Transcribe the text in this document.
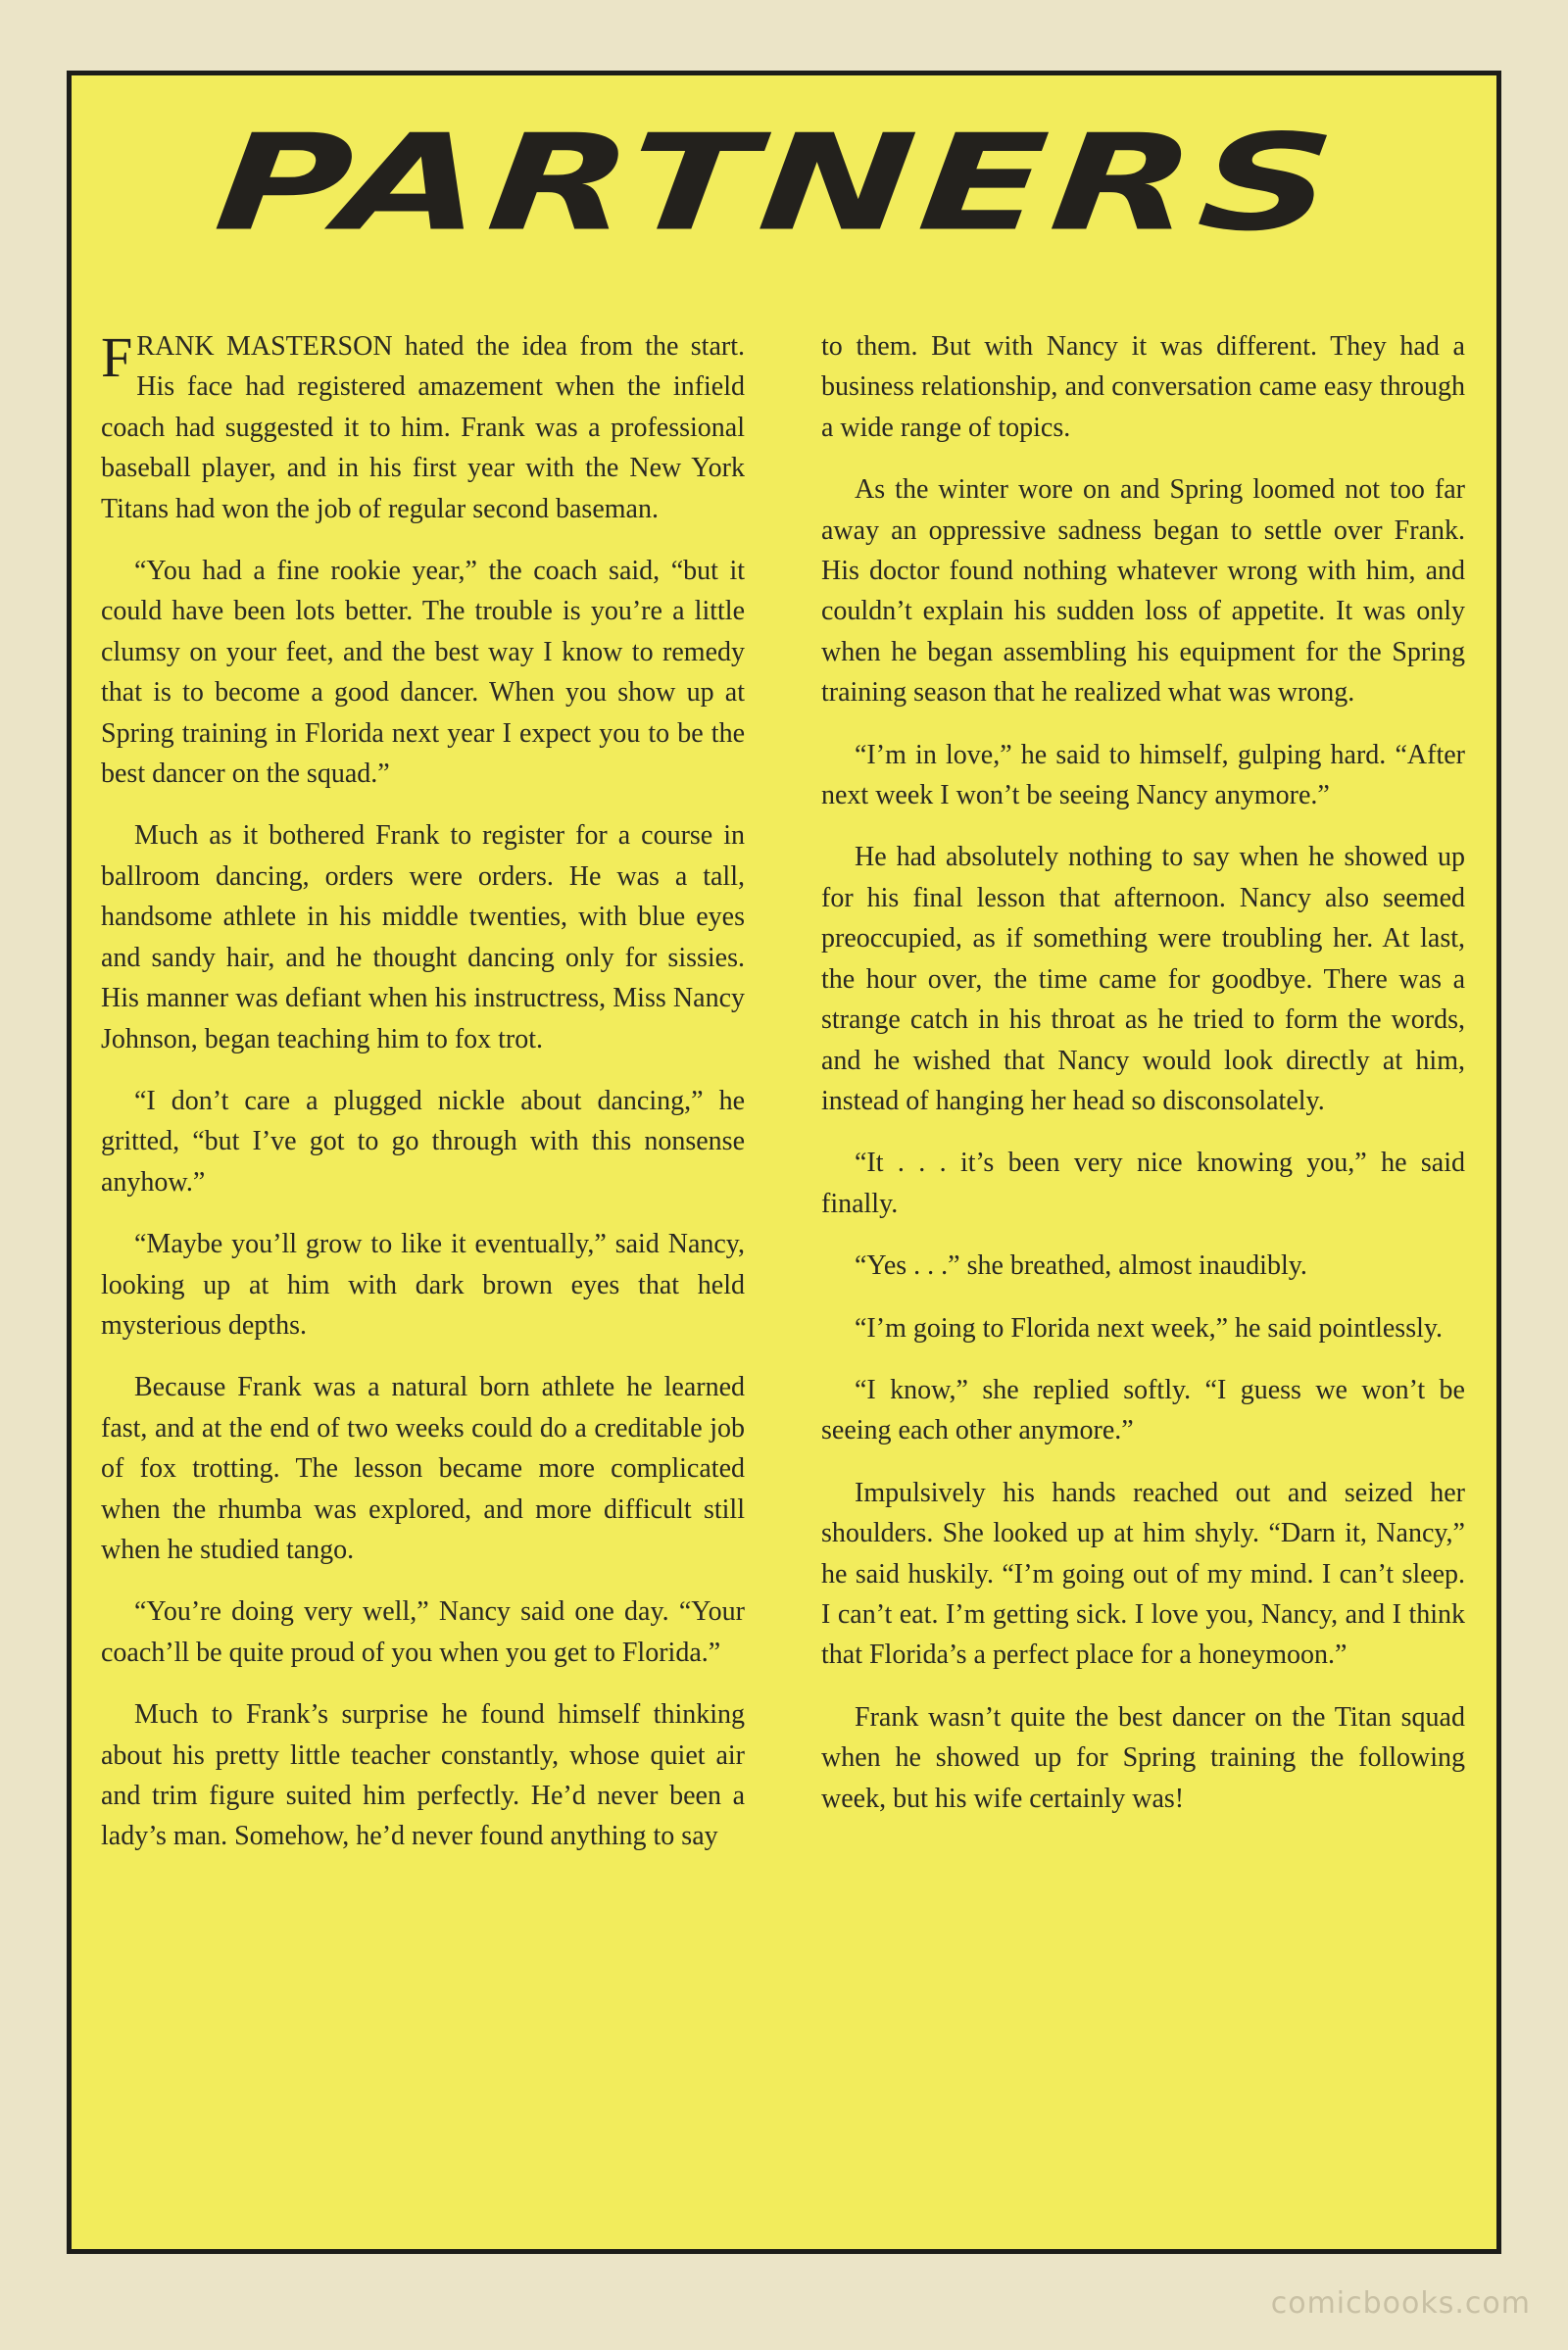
PARTNERS

FRANK MASTERSON hated the idea from the start. His face had registered amazement when the infield coach had suggested it to him. Frank was a professional baseball player, and in his first year with the New York Titans had won the job of regular second baseman.

“You had a fine rookie year,” the coach said, “but it could have been lots better. The trouble is you’re a little clumsy on your feet, and the best way I know to remedy that is to become a good dancer. When you show up at Spring training in Florida next year I expect you to be the best dancer on the squad.”

Much as it bothered Frank to register for a course in ballroom dancing, orders were orders. He was a tall, handsome athlete in his middle twenties, with blue eyes and sandy hair, and he thought dancing only for sissies. His manner was defiant when his instructress, Miss Nancy Johnson, began teaching him to fox trot.

“I don’t care a plugged nickle about dancing,” he gritted, “but I’ve got to go through with this nonsense anyhow.”

“Maybe you’ll grow to like it eventually,” said Nancy, looking up at him with dark brown eyes that held mysterious depths.

Because Frank was a natural born athlete he learned fast, and at the end of two weeks could do a creditable job of fox trotting. The lesson became more complicated when the rhumba was explored, and more difficult still when he studied tango.

“You’re doing very well,” Nancy said one day. “Your coach’ll be quite proud of you when you get to Florida.”

Much to Frank’s surprise he found himself thinking about his pretty little teacher constantly, whose quiet air and trim figure suited him perfectly. He’d never been a lady’s man. Somehow, he’d never found anything to say

to them. But with Nancy it was different. They had a business relationship, and conversation came easy through a wide range of topics.

As the winter wore on and Spring loomed not too far away an oppressive sadness began to settle over Frank. His doctor found nothing whatever wrong with him, and couldn’t explain his sudden loss of appetite. It was only when he began assembling his equipment for the Spring training season that he realized what was wrong.

“I’m in love,” he said to himself, gulping hard. “After next week I won’t be seeing Nancy anymore.”

He had absolutely nothing to say when he showed up for his final lesson that afternoon. Nancy also seemed preoccupied, as if something were troubling her. At last, the hour over, the time came for goodbye. There was a strange catch in his throat as he tried to form the words, and he wished that Nancy would look directly at him, instead of hanging her head so disconsolately.

“It . . . it’s been very nice knowing you,” he said finally.

“Yes . . .” she breathed, almost inaudibly.

“I’m going to Florida next week,” he said pointlessly.

“I know,” she replied softly. “I guess we won’t be seeing each other anymore.”

Impulsively his hands reached out and seized her shoulders. She looked up at him shyly. “Darn it, Nancy,” he said huskily. “I’m going out of my mind. I can’t sleep. I can’t eat. I’m getting sick. I love you, Nancy, and I think that Florida’s a perfect place for a honeymoon.”

Frank wasn’t quite the best dancer on the Titan squad when he showed up for Spring training the following week, but his wife certainly was!

comicbooks.com
